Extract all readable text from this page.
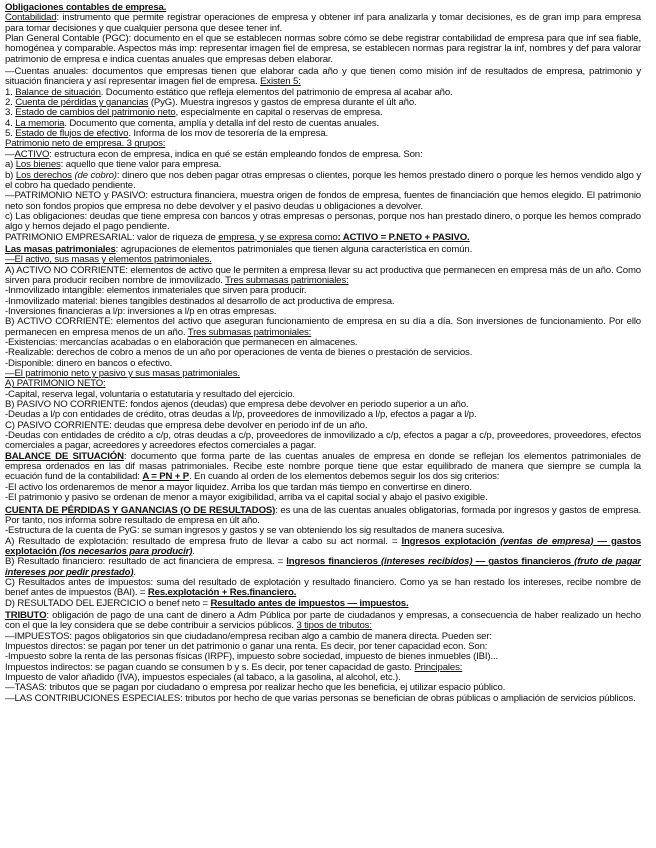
Obligaciones contables de empresa.

Contabilidad: instrumento que permite registrar operaciones de empresa y obtener inf para analizarla y tomar decisiones, es de gran imp para empresa para tomar decisiones y que cualquier persona que desee tener inf.

Plan General Contable (PGC): documento en el que se establecen normas sobre cómo se debe registrar contabilidad de empresa para que inf sea fiable, homogénea y comparable. Aspectos más imp: representar imagen fiel de empresa, se establecen normas para registrar la inf, nombres y def para valorar patrimonio de empresa e indica cuentas anuales que empresas deben elaborar.

—Cuentas anuales: documentos que empresas tienen que elaborar cada año y que tienen como misión inf de resultados de empresa, patrimonio y situación financiera y así representar imagen fiel de empresa. Existen 5:

1. Balance de situación. Documento estático que refleja elementos del patrimonio de empresa al acabar año.

2. Cuenta de pérdidas y ganancias (PyG). Muestra ingresos y gastos de empresa durante el últ año.

3. Estado de cambios del patrimonio neto, especialmente en capital o reservas de empresa.

4. La memoria. Documento que comenta, amplía y detalla inf del resto de cuentas anuales.

5. Estado de flujos de efectivo. Informa de los mov de tesorería de la empresa.

Patrimonio neto de empresa. 3 grupos:

—ACTIVO: estructura econ de empresa, indica en qué se están empleando fondos de empresa. Son:

a) Los bienes: aquello que tiene valor para empresa.

b) Los derechos (de cobro): dinero que nos deben pagar otras empresas o clientes, porque les hemos prestado dinero o porque les hemos vendido algo y el cobro ha quedado pendiente.

—PATRIMONIO NETO y PASIVO: estructura financiera, muestra origen de fondos de empresa, fuentes de financiación que hemos elegido. El patrimonio neto son fondos propios que empresa no debe devolver y el pasivo deudas u obligaciones a devolver.

c) Las obligaciones: deudas que tiene empresa con bancos y otras empresas o personas, porque nos han prestado dinero, o porque les hemos comprado algo y hemos dejado el pago pendiente.

PATRIMONIO EMPRESARIAL: valor de riqueza de empresa, y se expresa como: ACTIVO = P.NETO + PASIVO.

Las masas patrimoniales: agrupaciones de elementos patrimoniales que tienen alguna característica en común.

—El activo, sus masas y elementos patrimoniales.

A) ACTIVO NO CORRIENTE: elementos de activo que le permiten a empresa llevar su act productiva que permanecen en empresa más de un año. Como sirven para producir reciben nombre de inmovilizado. Tres submasas patrimoniales:

-Inmovilizado intangible: elementos inmateriales que sirven para producir.

-Inmovilizado material: bienes tangibles destinados al desarrollo de act productiva de empresa.

-Inversiones financieras a l/p: inversiones a l/p en otras empresas.

B) ACTIVO CORRIENTE: elementos del activo que aseguran funcionamiento de empresa en su día a día. Son inversiones de funcionamiento. Por ello permanecen en empresa menos de un año. Tres submasas patrimoniales:

-Existencias: mercancías acabadas o en elaboración que permanecen en almacenes.

-Realizable: derechos de cobro a menos de un año por operaciones de venta de bienes o prestación de servicios.

-Disponible: dinero en bancos o efectivo.

—El patrimonio neto y pasivo y sus masas patrimoniales.

A) PATRIMONIO NETO:

-Capital, reserva legal, voluntaria o estatutaria y resultado del ejercicio.

B) PASIVO NO CORRIENTE: fondos ajenos (deudas) que empresa debe devolver en periodo superior a un año.

-Deudas a l/p con entidades de crédito, otras deudas a l/p, proveedores de inmovilizado a l/p, efectos a pagar a l/p.

C) PASIVO CORRIENTE: deudas que empresa debe devolver en periodo inf de un año.

-Deudas con entidades de crédito a c/p, otras deudas a c/p, proveedores de inmovilizado a c/p, efectos a pagar a c/p, proveedores, proveedores, efectos comerciales a pagar, acreedores y acreedores efectos comerciales a pagar.

BALANCE DE SITUACIÓN: documento que forma parte de las cuentas anuales de empresa en donde se reflejan los elementos patrimoniales de empresa ordenados en las dif masas patrimoniales. Recibe este nombre porque tiene que estar equilibrado de manera que siempre se cumpla la ecuación fund de la contabilidad: A = PN + P. En cuando al orden de los elementos debemos seguir los dos sig criterios:

-El activo los ordenaremos de menor a mayor liquidez. Arriba los que tardan más tiempo en convertirse en dinero.

-El patrimonio y pasivo se ordenan de menor a mayor exigibilidad, arriba va el capital social y abajo el pasivo exigible.

CUENTA DE PÉRDIDAS Y GANANCIAS (O DE RESULTADOS): es una de las cuentas anuales obligatorias, formada por ingresos y gastos de empresa. Por tanto, nos informa sobre resultado de empresa en últ año.

-Estructura de la cuenta de PyG: se suman ingresos y gastos y se van obteniendo los sig resultados de manera sucesiva.

A) Resultado de explotación: resultado de empresa fruto de llevar a cabo su act normal. = Ingresos explotación (ventas de empresa) — gastos explotación (los necesarios para producir).

B) Resultado financiero: resultado de act financiera de empresa. = Ingresos financieros (intereses recibidos) — gastos financieros (fruto de pagar intereses por pedir prestado).

C) Resultados antes de impuestos: suma del resultado de explotación y resultado financiero. Como ya se han restado los intereses, recibe nombre de benef antes de impuestos (BAI). = Res.explotación + Res.financiero.

D) RESULTADO DEL EJERCICIO o benef neto = Resultado antes de impuestos — impuestos.

TRIBUTO: obligación de pago de una cant de dinero a Adm Pública por parte de ciudadanos y empresas, a consecuencia de haber realizado un hecho con el que la ley considera que se debe contribuir a servicios públicos. 3 tipos de tributos:

—IMPUESTOS: pagos obligatorios sin que ciudadano/empresa reciban algo a cambio de manera directa. Pueden ser:

Impuestos directos: se pagan por tener un det patrimonio o ganar una renta. Es decir, por tener capacidad econ. Son:

-Impuesto sobre la renta de las personas físicas (IRPF), impuesto sobre sociedad, impuesto de bienes inmuebles (IBI)...

Impuestos indirectos: se pagan cuando se consumen b y s. Es decir, por tener capacidad de gasto. Principales:

Impuesto de valor añadido (IVA), impuestos especiales (al tabaco, a la gasolina, al alcohol, etc.).

—TASAS: tributos que se pagan por ciudadano o empresa por realizar hecho que les beneficia, ej utilizar espacio público.

—LAS CONTRIBUCIONES ESPECIALES: tributos por hecho de que varias personas se benefician de obras públicas o ampliación de servicios públicos.
